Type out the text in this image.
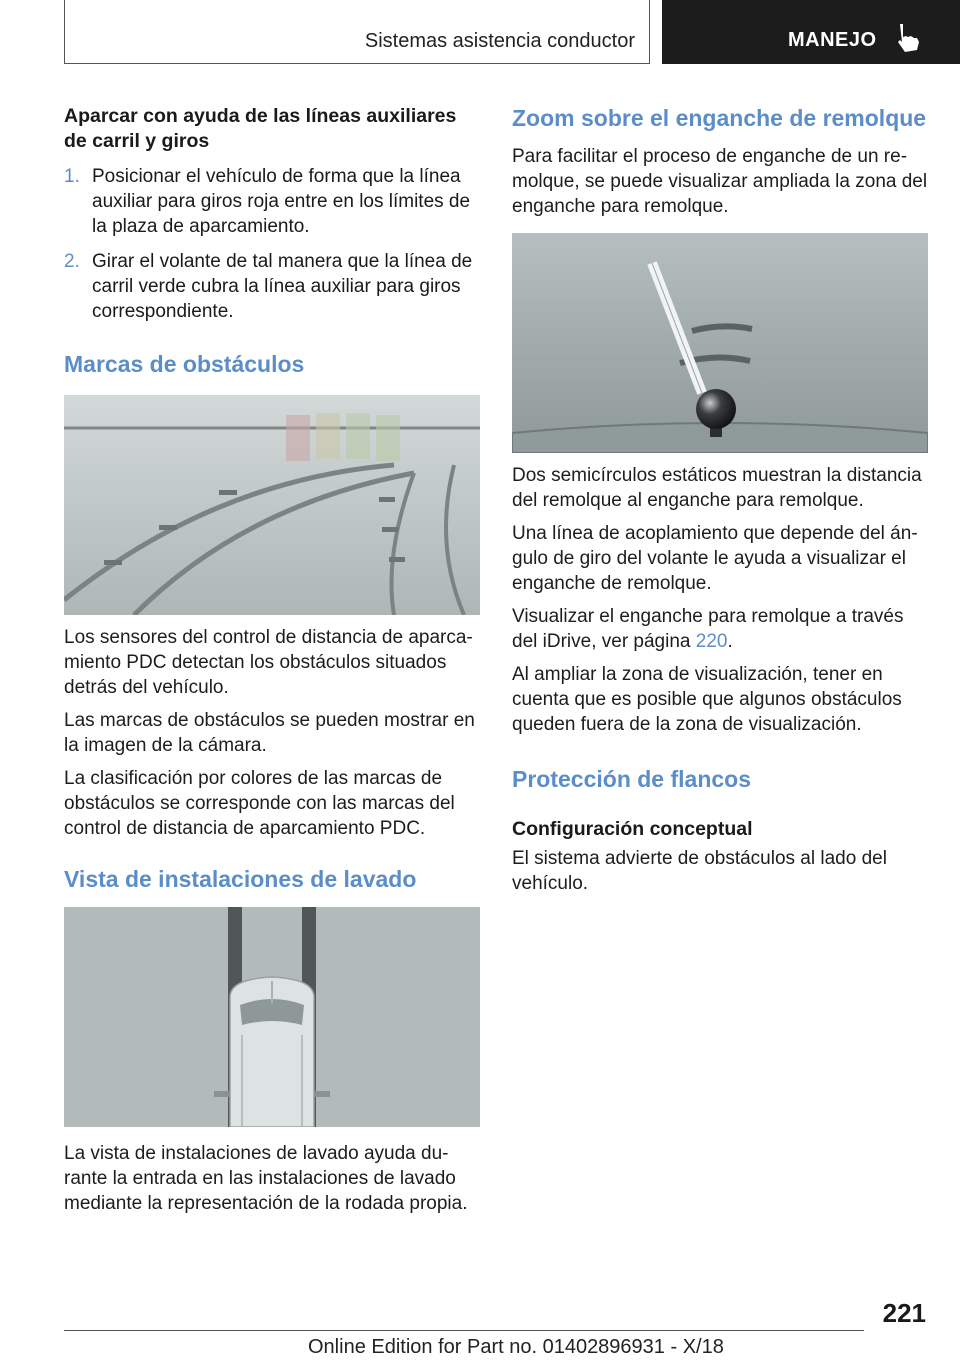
Sistemas asistencia conductor	MANEJO
Aparcar con ayuda de las líneas auxiliares de carril y giros
1. Posicionar el vehículo de forma que la línea auxiliar para giros roja entre en los límites de la plaza de aparcamiento.
2. Girar el volante de tal manera que la línea de carril verde cubra la línea auxiliar para giros correspondiente.
Marcas de obstáculos

Los sensores del control de distancia de aparca‐miento PDC detectan los obstáculos situados detrás del vehículo.

Las marcas de obstáculos se pueden mostrar en la imagen de la cámara.

La clasificación por colores de las marcas de obstáculos se corresponde con las marcas del control de distancia de aparcamiento PDC.

Vista de instalaciones de lavado

La vista de instalaciones de lavado ayuda du‐rante la entrada en las instalaciones de lavado mediante la representación de la rodada propia.

Zoom sobre el enganche de remolque

Para facilitar el proceso de enganche de un re‐molque, se puede visualizar ampliada la zona del enganche para remolque.

Dos semicírculos estáticos muestran la distancia del remolque al enganche para remolque.

Una línea de acoplamiento que depende del án‐gulo de giro del volante le ayuda a visualizar el enganche de remolque.

Visualizar el enganche para remolque a través del iDrive, ver página 220.

Al ampliar la zona de visualización, tener en cuenta que es posible que algunos obstáculos queden fuera de la zona de visualización.

Protección de flancos
Configuración conceptual

El sistema advierte de obstáculos al lado del vehículo.

221
Online Edition for Part no. 01402896931 - X/18
